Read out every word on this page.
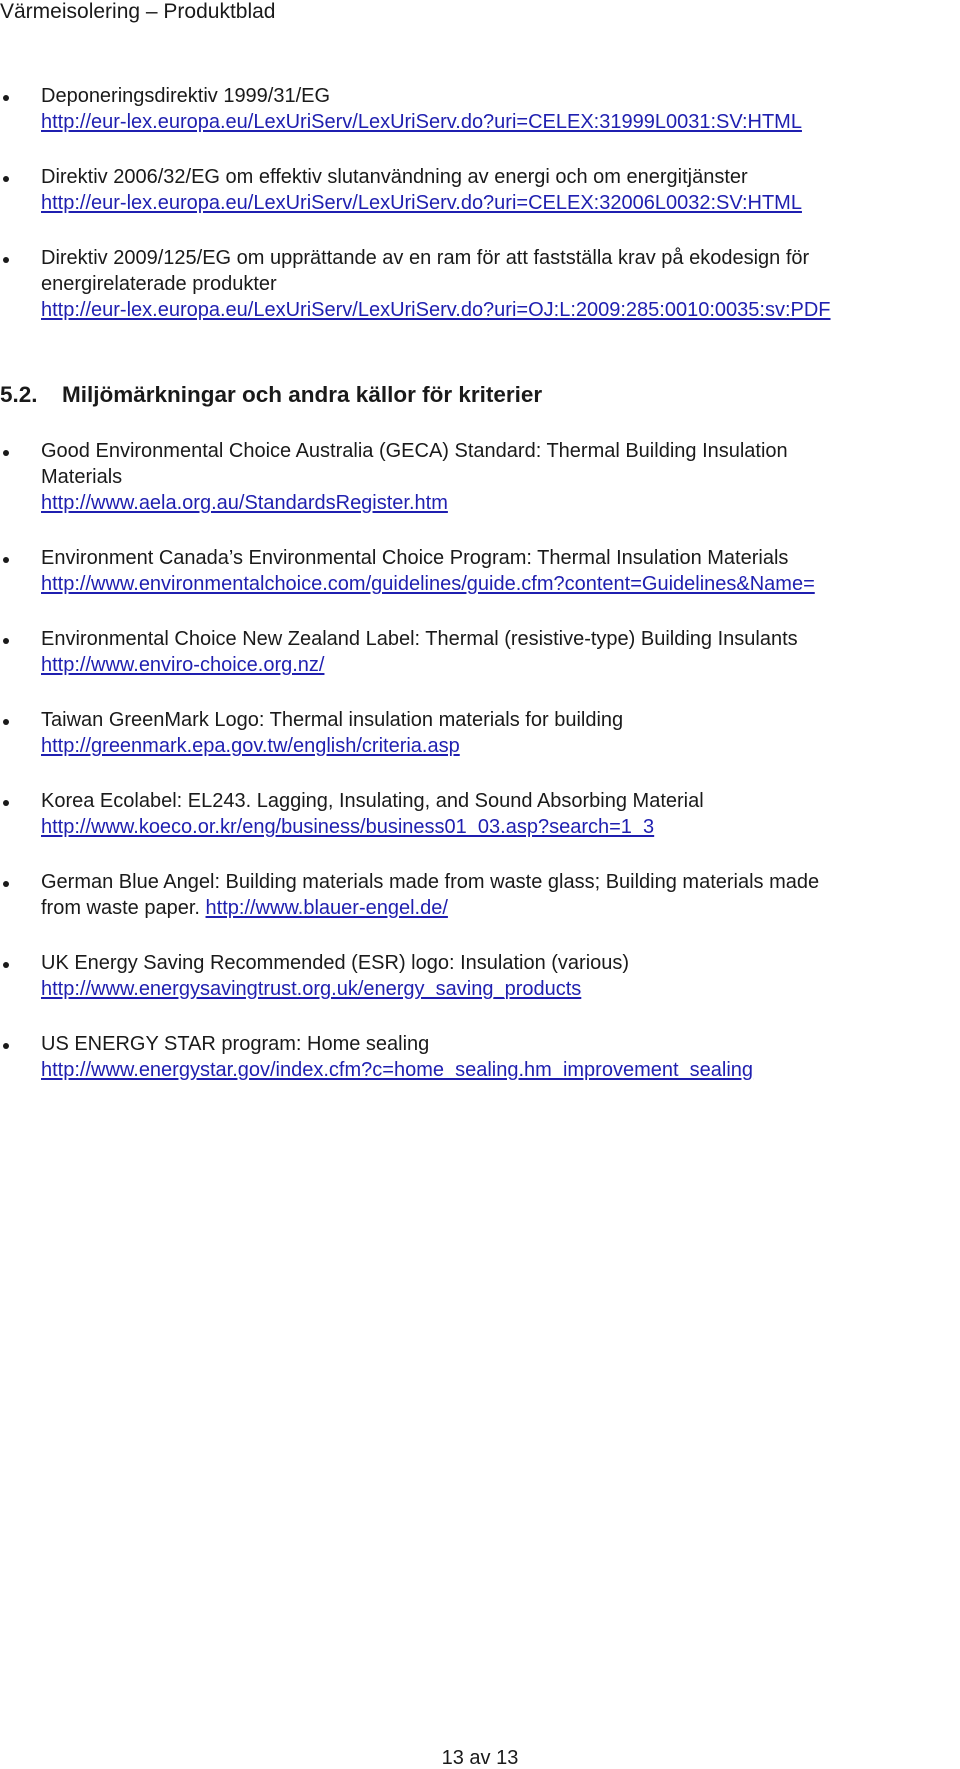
Värmeisolering – Produktblad
Deponeringsdirektiv 1999/31/EG
http://eur-lex.europa.eu/LexUriServ/LexUriServ.do?uri=CELEX:31999L0031:SV:HTML
Direktiv 2006/32/EG om effektiv slutanvändning av energi och om energitjänster
http://eur-lex.europa.eu/LexUriServ/LexUriServ.do?uri=CELEX:32006L0032:SV:HTML
Direktiv 2009/125/EG om upprättande av en ram för att fastställa krav på ekodesign för
energirelaterade produkter
http://eur-lex.europa.eu/LexUriServ/LexUriServ.do?uri=OJ:L:2009:285:0010:0035:sv:PDF
5.2. Miljömärkningar och andra källor för kriterier
Good Environmental Choice Australia (GECA) Standard: Thermal Building Insulation
Materials
http://www.aela.org.au/StandardsRegister.htm
Environment Canada’s Environmental Choice Program: Thermal Insulation Materials
http://www.environmentalchoice.com/guidelines/guide.cfm?content=Guidelines&Name=
Environmental Choice New Zealand Label: Thermal (resistive-type) Building Insulants
http://www.enviro-choice.org.nz/
Taiwan GreenMark Logo: Thermal insulation materials for building
http://greenmark.epa.gov.tw/english/criteria.asp
Korea Ecolabel: EL243. Lagging, Insulating, and Sound Absorbing Material
http://www.koeco.or.kr/eng/business/business01_03.asp?search=1_3
German Blue Angel: Building materials made from waste glass; Building materials made
from waste paper. http://www.blauer-engel.de/
UK Energy Saving Recommended (ESR) logo: Insulation (various)
http://www.energysavingtrust.org.uk/energy_saving_products
US ENERGY STAR program: Home sealing
http://www.energystar.gov/index.cfm?c=home_sealing.hm_improvement_sealing
13 av 13
